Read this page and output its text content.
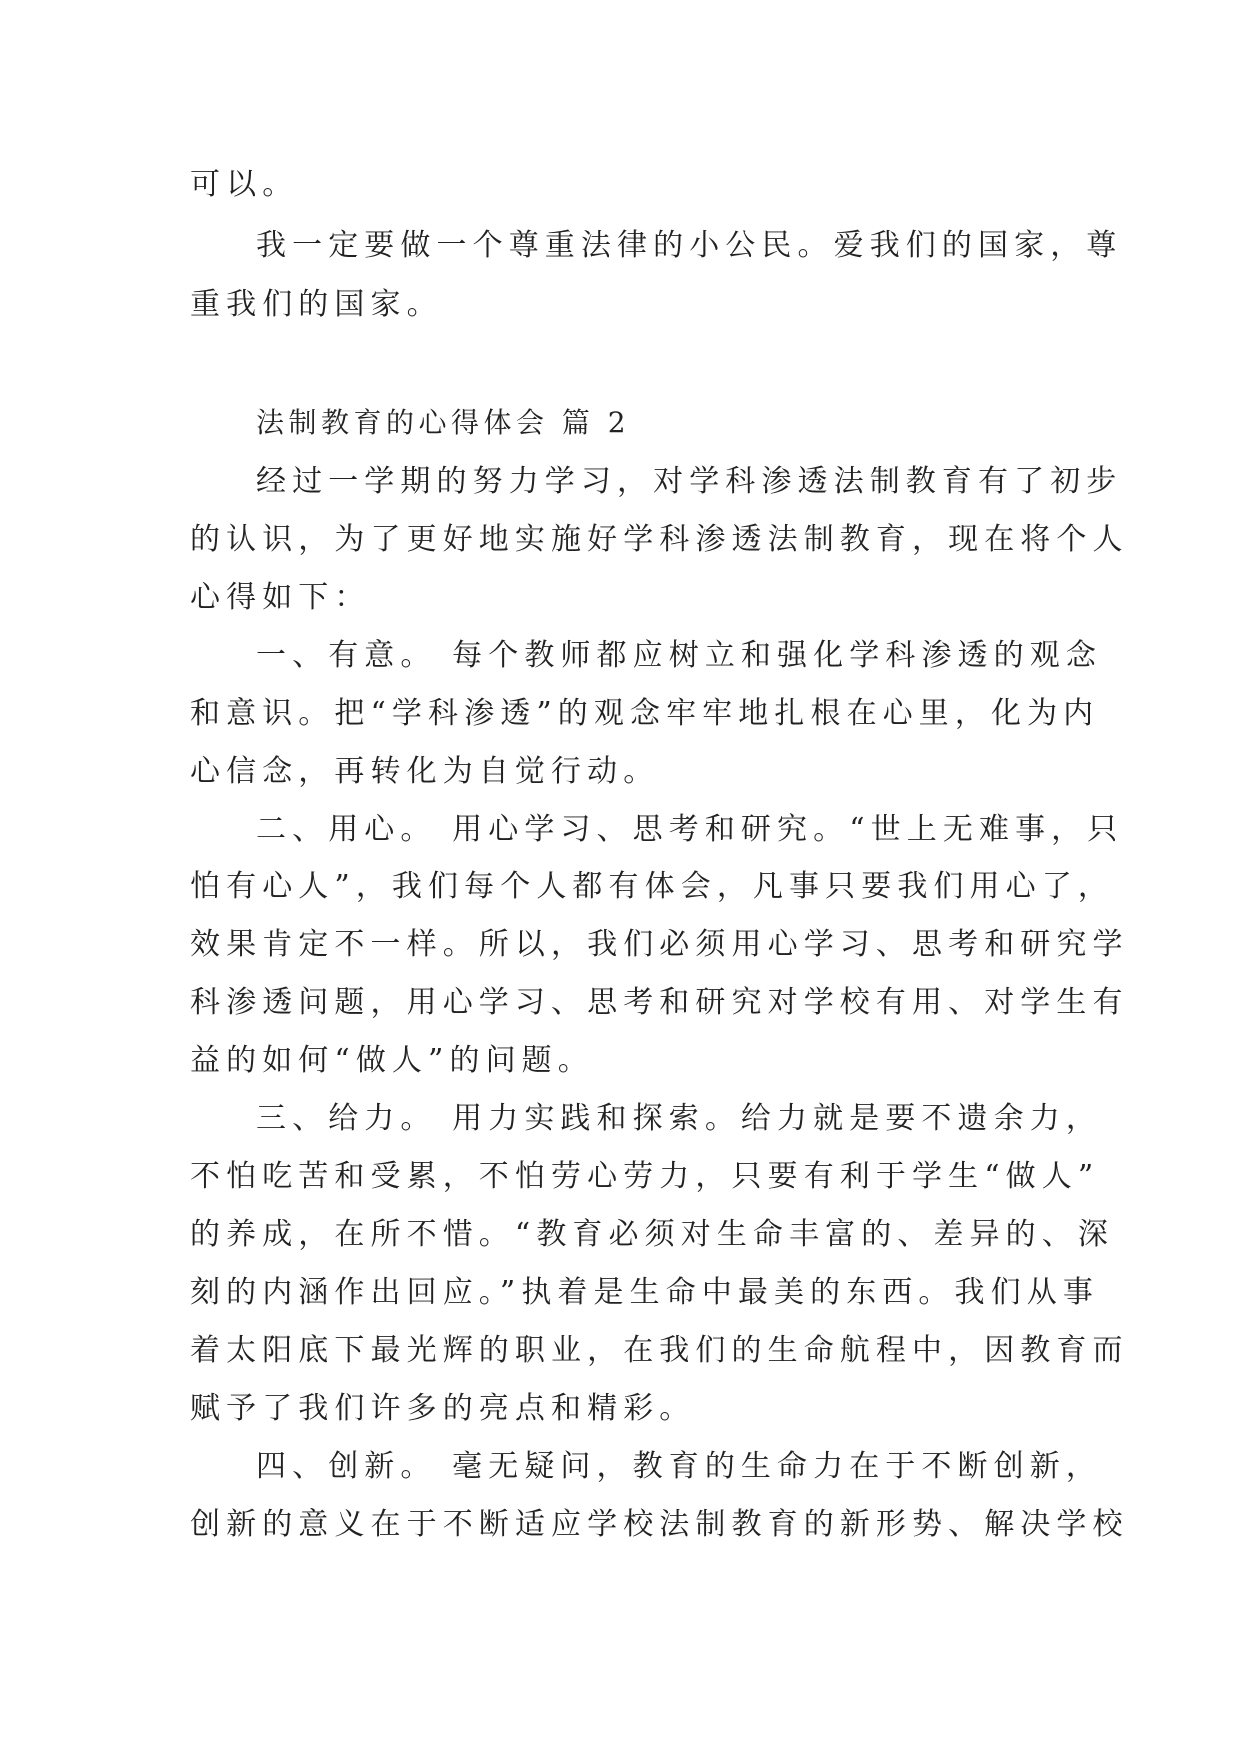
可以。
我一定要做一个尊重法律的小公民。爱我们的国家，尊
重我们的国家。
法制教育的心得体会 篇 2
经过一学期的努力学习，对学科渗透法制教育有了初步
的认识，为了更好地实施好学科渗透法制教育，现在将个人
心得如下：
一、有意。 每个教师都应树立和强化学科渗透的观念
和意识。把“学科渗透”的观念牢牢地扎根在心里，化为内
心信念，再转化为自觉行动。
二、用心。 用心学习、思考和研究。“世上无难事，只
怕有心人”，我们每个人都有体会，凡事只要我们用心了，
效果肯定不一样。所以，我们必须用心学习、思考和研究学
科渗透问题，用心学习、思考和研究对学校有用、对学生有
益的如何“做人”的问题。
三、给力。 用力实践和探索。给力就是要不遗余力，
不怕吃苦和受累，不怕劳心劳力，只要有利于学生“做人”
的养成，在所不惜。“教育必须对生命丰富的、差异的、深
刻的内涵作出回应。”执着是生命中最美的东西。我们从事
着太阳底下最光辉的职业，在我们的生命航程中，因教育而
赋予了我们许多的亮点和精彩。
四、创新。 毫无疑问，教育的生命力在于不断创新，
创新的意义在于不断适应学校法制教育的新形势、解决学校
